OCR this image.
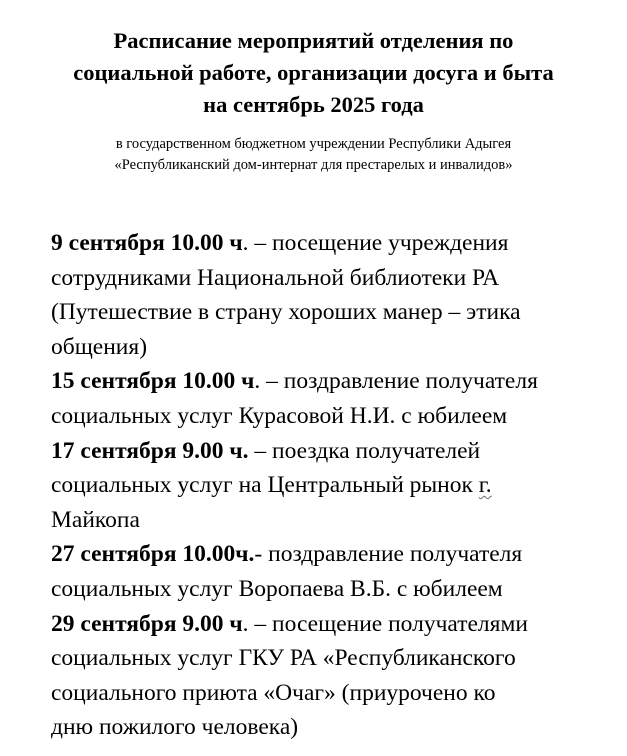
Расписание мероприятий отделения по
социальной работе, организации досуга и быта
на сентябрь 2025 года
в государственном бюджетном учреждении Республики Адыгея
«Республиканский дом-интернат для престарелых и инвалидов»
9 сентября 10.00 ч. – посещение учреждения
сотрудниками Национальной библиотеки РА
(Путешествие в страну хороших манер – этика
общения)
15 сентября 10.00 ч. – поздравление получателя
социальных услуг Курасовой Н.И. с юбилеем
17 сентября 9.00 ч. – поездка получателей
социальных услуг на Центральный рынок г.
Майкопа
27 сентября 10.00ч.- поздравление получателя
социальных услуг Воропаева В.Б. с юбилеем
29 сентября 9.00 ч. – посещение получателями
социальных услуг ГКУ РА «Республиканского
социального приюта «Очаг» (приурочено ко
дню пожилого человека)
